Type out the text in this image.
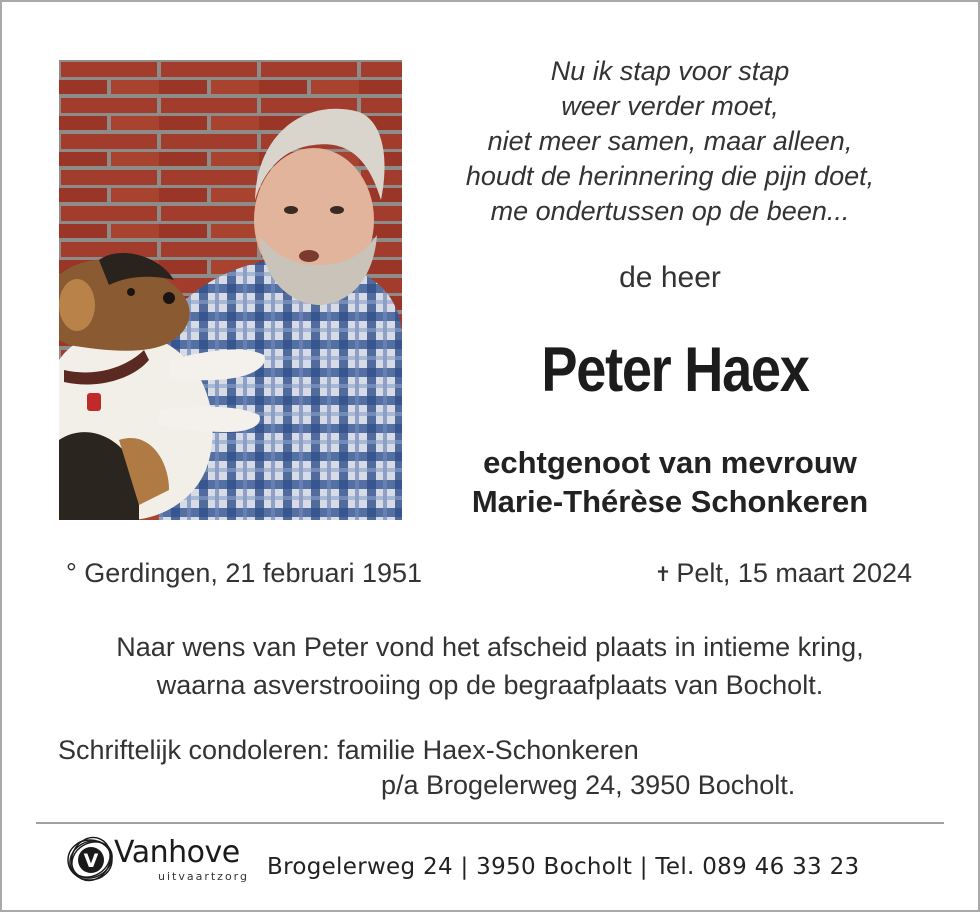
Nu ik stap voor stap
weer verder moet,
niet meer samen, maar alleen,
houdt de herinnering die pijn doet,
me ondertussen op de been...
de heer
Peter Haex
echtgenoot van mevrouw
Marie-Thérèse Schonkeren
° Gerdingen, 21 februari 1951	✝ Pelt, 15 maart 2024
Naar wens van Peter vond het afscheid plaats in intieme kring,
waarna asverstrooiing op de begraafplaats van Bocholt.
Schriftelijk condoleren: familie Haex-Schonkeren
p/a Brogelerweg 24, 3950 Bocholt.
V Vanhove
uitvaartzorg Brogelerweg 24 | 3950 Bocholt | Tel. 089 46 33 23
